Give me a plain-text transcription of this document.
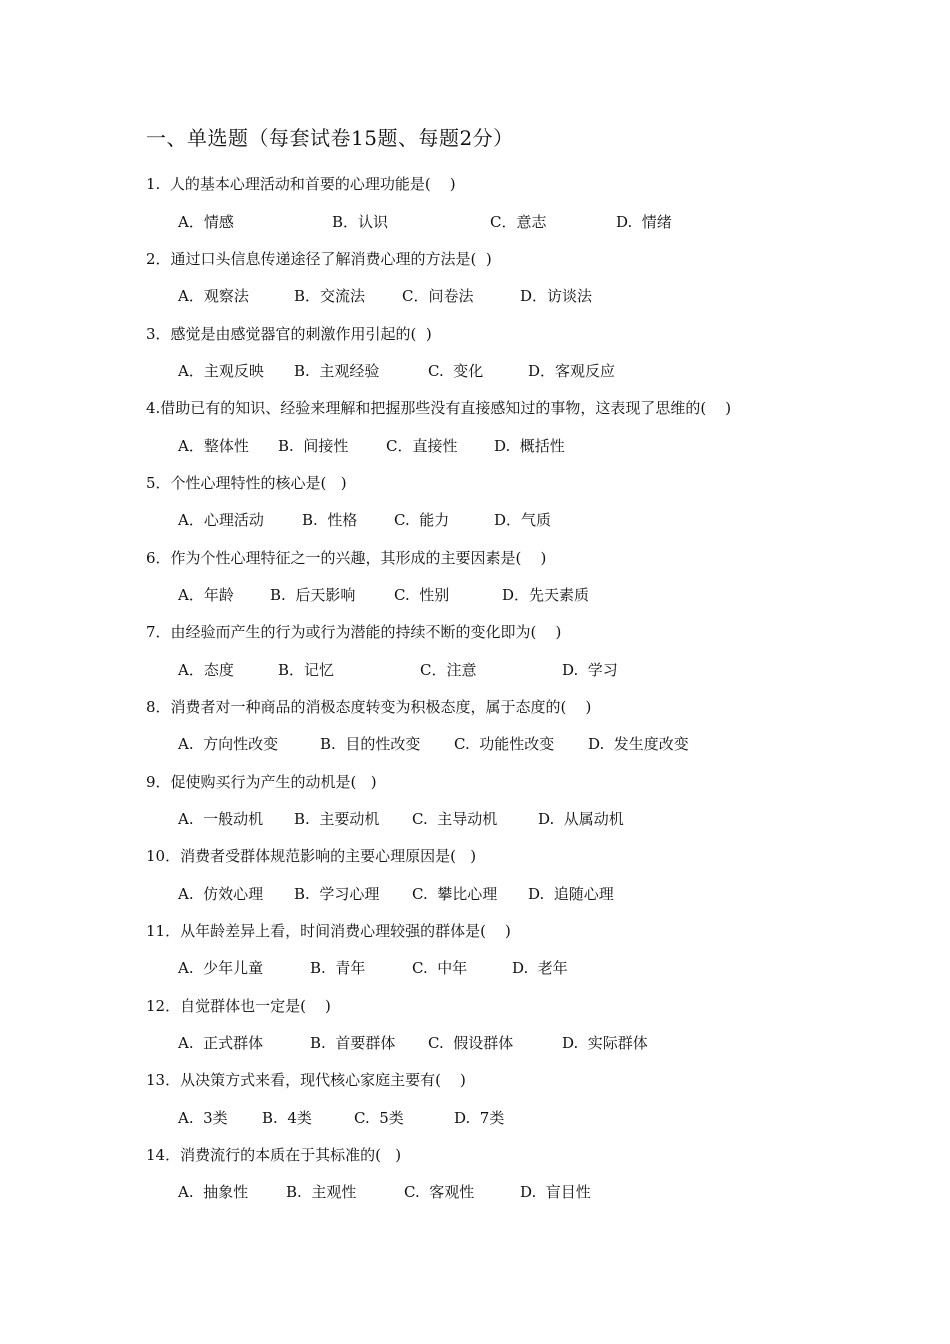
一、单选题（每套试卷15题、每题2分）
1.  人的基本心理活动和首要的心理功能是(    )

A．情感

	B．认识

	C．意志

	D.  情绪

2．通过口头信息传递途径了解消费心理的方法是(  )

A．观察法

	B．交流法

C．问卷法

	D．访谈法

3．感觉是由感觉器官的刺激作用引起的(  )

A．主观反映

B.  主观经验

	C.  变化

	D．客观反应

4.借助已有的知识、经验来理解和把握那些没有直接感知过的事物，这表现了思维的(    )

A．整体性

B.  间接性

	C．直接性

D.  概括性

5．个性心理特性的核心是(   )

A．心理活动

	B.  性格

C.  能力

	D．气质

6．作为个性心理特征之一的兴趣，其形成的主要因素是(    )

A．年龄

B.  后天影响

	C.  性别

	D．先天素质

7．由经验而产生的行为或行为潜能的持续不断的变化即为(    )

A．态度

	B．记忆

	C．注意

	D.  学习

8．消费者对一种商品的消极态度转变为积极态度，属于态度的(    )

A.  方向性改变

	B.  目的性改变

C.  功能性改变

D.  发生度改变

9．促使购买行为产生的动机是(   )

A.  一般动机

B.  主要动机

C.  主导动机

	D.  从属动机

10．消费者受群体规范影响的主要心理原因是(   )

A.  仿效心理

B.  学习心理

C.  攀比心理

D.  追随心理

11．从年龄差异上看，时间消费心理较强的群体是(    )

A.  少年儿童

	B.  青年

	C.  中年

	D.  老年

12．自觉群体也一定是(    )

A.  正式群体

	B.  首要群体

C.  假设群体

	D.  实际群体

13．从决策方式来看，现代核心家庭主要有(    )

A.  3类

B.  4类

	C.  5类

	D.  7类

14．消费流行的本质在于其标准的(   )

A.  抽象性

	B.  主观性

	C.  客观性

	D.  盲目性
